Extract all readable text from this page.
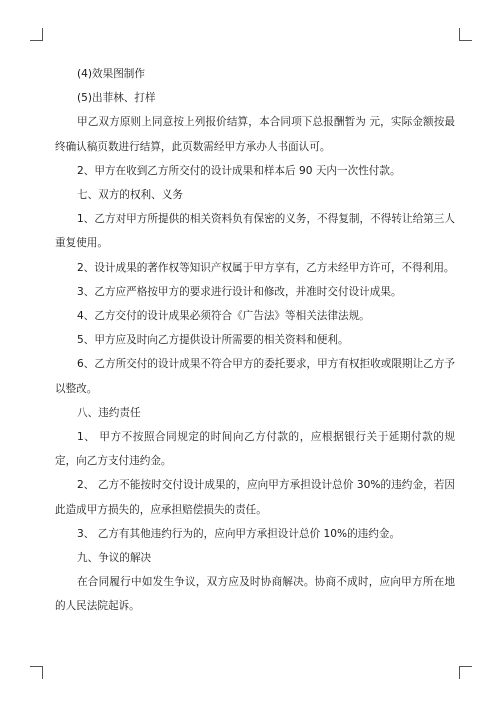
(4)效果图制作

(5)出菲林、打样

甲乙双方原则上同意按上列报价结算，本合同项下总报酬暂为 元，实际金额按最终确认稿页数进行结算，此页数需经甲方承办人书面认可。

2、甲方在收到乙方所交付的设计成果和样本后 90 天内一次性付款。

七、双方的权利、义务

1、乙方对甲方所提供的相关资料负有保密的义务，不得复制，不得转让给第三人重复使用。

2、设计成果的著作权等知识产权属于甲方享有，乙方未经甲方许可，不得利用。

3、乙方应严格按甲方的要求进行设计和修改，并准时交付设计成果。

4、乙方交付的设计成果必须符合《广告法》等相关法律法规。

5、甲方应及时向乙方提供设计所需要的相关资料和便利。

6、乙方所交付的设计成果不符合甲方的委托要求，甲方有权拒收或限期让乙方予以整改。

八、违约责任

1、 甲方不按照合同规定的时间向乙方付款的，应根据银行关于延期付款的规定，向乙方支付违约金。

2、 乙方不能按时交付设计成果的，应向甲方承担设计总价 30%的违约金，若因此造成甲方损失的，应承担赔偿损失的责任。

3、 乙方有其他违约行为的，应向甲方承担设计总价 10%的违约金。

九、争议的解决

在合同履行中如发生争议，双方应及时协商解决。协商不成时，应向甲方所在地的人民法院起诉。
